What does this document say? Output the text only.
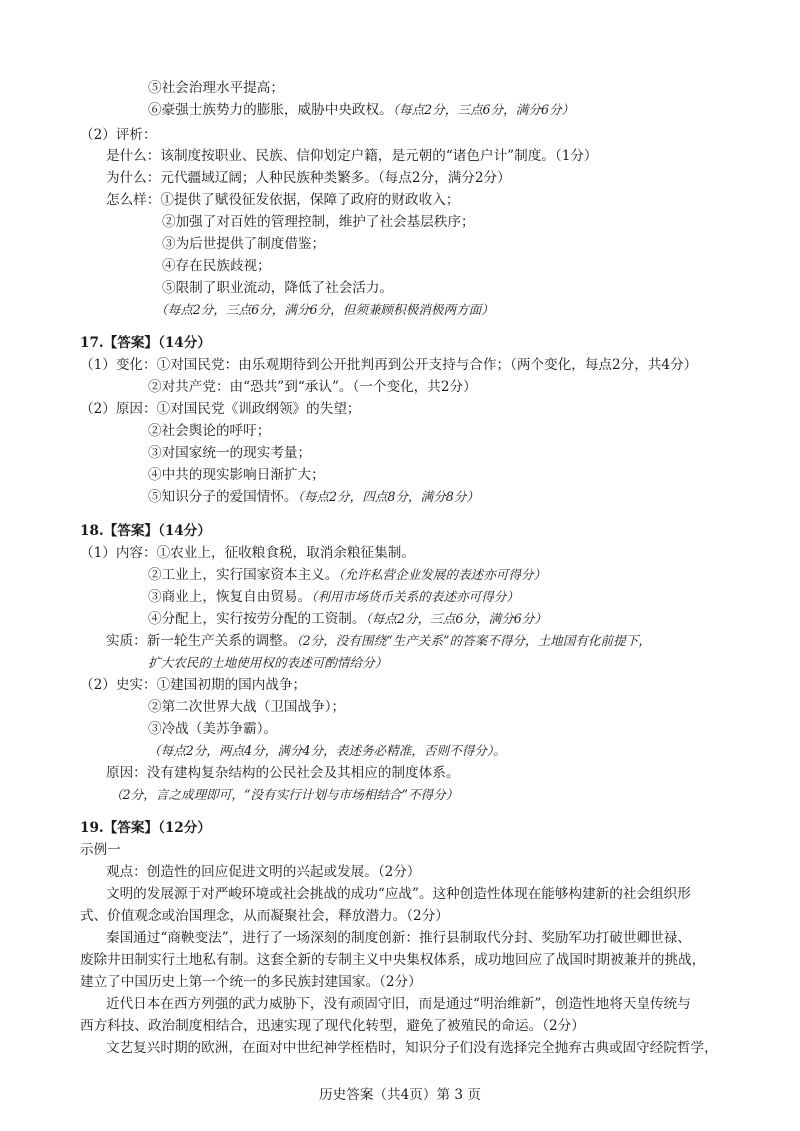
⑤社会治理水平提高；
⑥豪强士族势力的膨胀，威胁中央政权。（每点2分，三点6分，满分6分）
（2）评析：
是什么：该制度按职业、民族、信仰划定户籍，是元朝的“诸色户计”制度。（1分）
为什么：元代疆域辽阔；人种民族种类繁多。（每点2分，满分2分）
怎么样：①提供了赋役征发依据，保障了政府的财政收入；
②加强了对百姓的管理控制，维护了社会基层秩序；
③为后世提供了制度借鉴；
④存在民族歧视；
⑤限制了职业流动，降低了社会活力。
（每点2分，三点6分，满分6分，但须兼顾积极消极两方面）
17.【答案】（14分）
（1）变化：①对国民党：由乐观期待到公开批判再到公开支持与合作；（两个变化，每点2分，共4分）
②对共产党：由“恐共”到“承认”。（一个变化，共2分）
（2）原因：①对国民党《训政纲领》的失望；
②社会舆论的呼吁；
③对国家统一的现实考量；
④中共的现实影响日渐扩大；
⑤知识分子的爱国情怀。（每点2分，四点8分，满分8分）
18.【答案】（14分）
（1）内容：①农业上，征收粮食税，取消余粮征集制。
②工业上，实行国家资本主义。（允许私营企业发展的表述亦可得分）
③商业上，恢复自由贸易。（利用市场货币关系的表述亦可得分）
④分配上，实行按劳分配的工资制。（每点2分，三点6分，满分6分）
实质：新一轮生产关系的调整。（2分，没有围绕“生产关系”的答案不得分，土地国有化前提下，
扩大农民的土地使用权的表述可酌情给分）
（2）史实：①建国初期的国内战争；
②第二次世界大战（卫国战争）；
③冷战（美苏争霸）。
（每点2分，两点4分，满分4分，表述务必精准，否则不得分）。
原因：没有建构复杂结构的公民社会及其相应的制度体系。
（2分，言之成理即可，“没有实行计划与市场相结合”不得分）
19.【答案】（12分）
示例一
观点：创造性的回应促进文明的兴起或发展。（2分）
文明的发展源于对严峻环境或社会挑战的成功“应战”。这种创造性体现在能够构建新的社会组织形
式、价值观念或治国理念，从而凝聚社会，释放潜力。（2分）
秦国通过“商鞅变法”，进行了一场深刻的制度创新：推行县制取代分封、奖励军功打破世卿世禄、
废除井田制实行土地私有制。这套全新的专制主义中央集权体系，成功地回应了战国时期被兼并的挑战，
建立了中国历史上第一个统一的多民族封建国家。（2分）
近代日本在西方列强的武力威胁下，没有顽固守旧，而是通过“明治维新”，创造性地将天皇传统与
西方科技、政治制度相结合，迅速实现了现代化转型，避免了被殖民的命运。（2分）
文艺复兴时期的欧洲，在面对中世纪神学桎梏时，知识分子们没有选择完全抛弃古典或固守经院哲学，
历史答案（共4页）第 3 页
